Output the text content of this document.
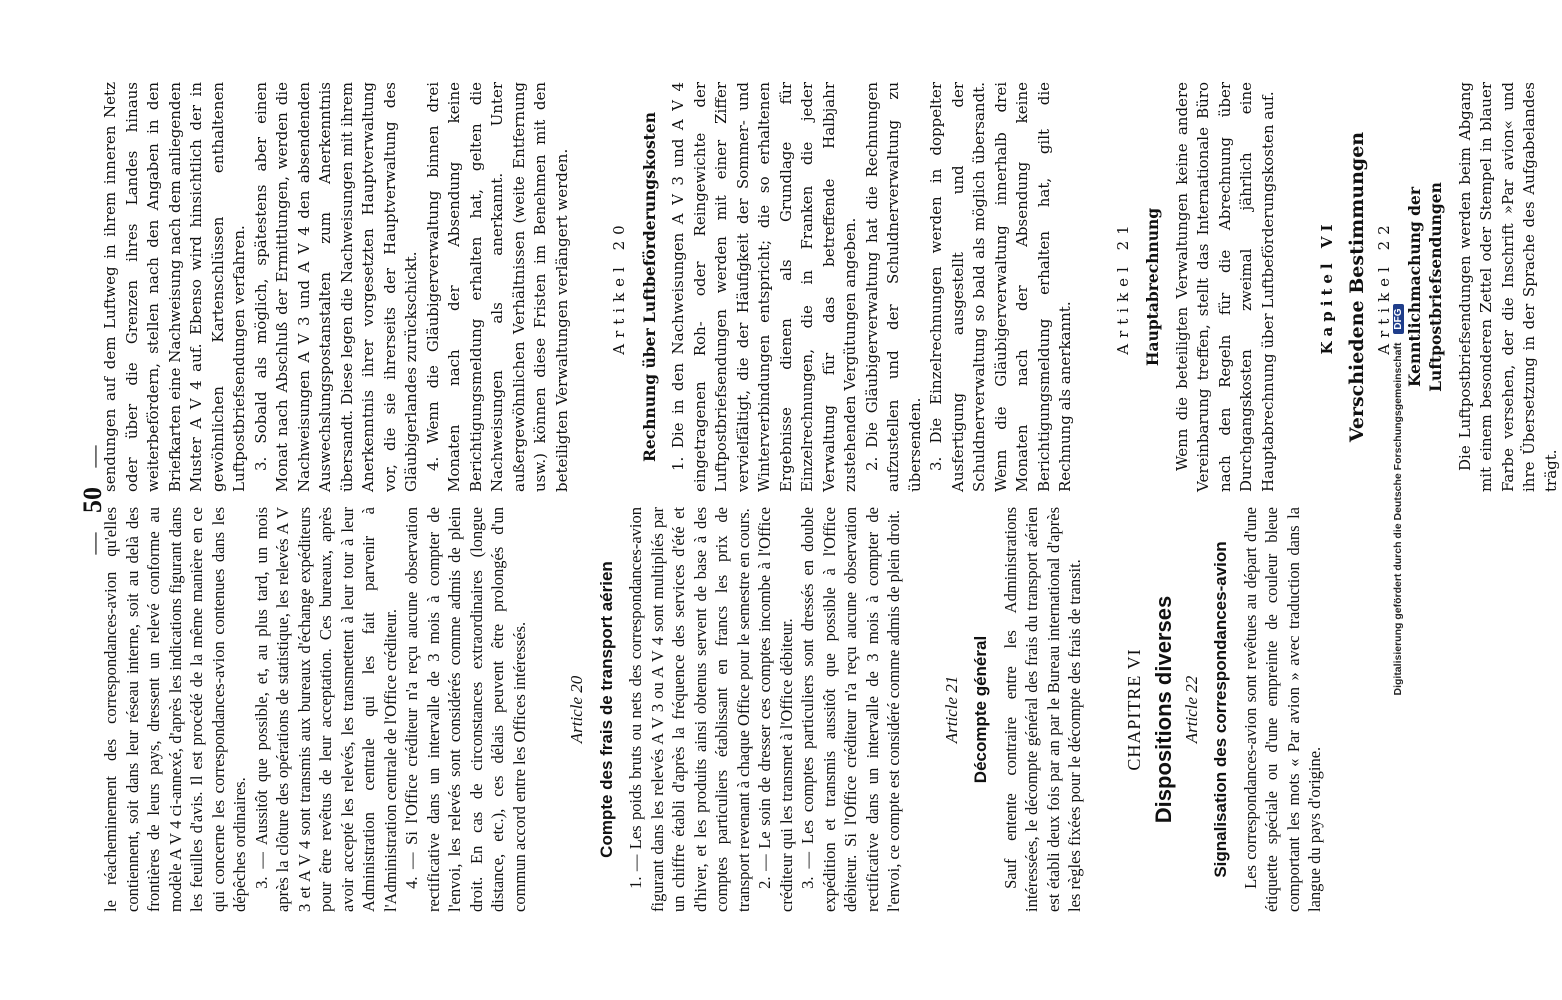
— 50 —

le réacheminement des correspondances-avion qu'elles contiennent, soit dans leur réseau interne, soit au delà des frontières de leurs pays, dressent un relevé conforme au modèle A V 4 ci-annexé, d'après les indications figurant dans les feuilles d'avis. Il est procédé de la même manière en ce qui concerne les correspondances-avion contenues dans les dépêches ordinaires. 3. — Aussitôt que possible, et, au plus tard, un mois après la clôture des opérations de statistique, les relevés A V 3 et A V 4 sont transmis aux bureaux d'échange expéditeurs pour être revêtus de leur acceptation. Ces bureaux, après avoir accepté les relevés, les transmettent à leur tour à leur Administration centrale qui les fait parvenir à l'Administration centrale de l'Office créditeur. 4. — Si l'Office créditeur n'a reçu aucune observation rectificative dans un intervalle de 3 mois à compter de l'envoi, les relevés sont considérés comme admis de plein droit. En cas de circonstances extraordinaires (longue distance, etc.), ces délais peuvent être prolongés d'un commun accord entre les Offices intéressés. Article 20 Compte des frais de transport aérien 1. — Les poids bruts ou nets des correspondances-avion figurant dans les relevés A V 3 ou A V 4 sont multipliés par un chiffre établi d'après la fréquence des services d'été et d'hiver, et les produits ainsi obtenus servent de base à des comptes particuliers établissant en francs les prix de transport revenant à chaque Office pour le semestre en cours. 2. — Le soin de dresser ces comptes incombe à l'Office créditeur qui les transmet à l'Office débiteur. 3. — Les comptes particuliers sont dressés en double expédition et transmis aussitôt que possible à l'Office débiteur. Si l'Office créditeur n'a reçu aucune observation rectificative dans un intervalle de 3 mois à compter de l'envoi, ce compte est considéré comme admis de plein droit. Article 21 Décompte général Sauf entente contraire entre les Administrations intéressées, le décompte général des frais du transport aérien est établi deux fois par an par le Bureau international d'après les règles fixées pour le décompte des frais de transit. CHAPITRE VI Dispositions diverses Article 22 Signalisation des correspondances-avion Les correspondances-avion sont revêtues au départ d'une étiquette spéciale ou d'une empreinte de couleur bleue comportant les mots « Par avion » avec traduction dans la langue du pays d'origine.

sendungen auf dem Luftweg in ihrem inneren Netz oder über die Grenzen ihres Landes hinaus weiterbefördern, stellen nach den Angaben in den Briefkarten eine Nachweisung nach dem anliegenden Muster A V 4 auf. Ebenso wird hinsichtlich der in gewöhnlichen Kartenschlüssen enthaltenen Luftpostbriefsendungen verfahren. 3. Sobald als möglich, spätestens aber einen Monat nach Abschluß der Ermittlungen, werden die Nachweisungen A V 3 und A V 4 den absendenden Auswechslungspostanstalten zum Anerkenntnis übersandt. Diese legen die Nachweisungen mit ihrem Anerkenntnis ihrer vorgesetzten Hauptverwaltung vor, die sie ihrerseits der Hauptverwaltung des Gläubigerlandes zurückschickt. 4. Wenn die Gläubigerverwaltung binnen drei Monaten nach der Absendung keine Berichtigungsmeldung erhalten hat, gelten die Nachweisungen als anerkannt. Unter außergewöhnlichen Verhältnissen (weite Entfernung usw.) können diese Fristen im Benehmen mit den beteiligten Verwaltungen verlängert werden.	Artikel 20 Rechnung über Luftbeförderungskosten 1. Die in den Nachweisungen A V 3 und A V 4 eingetragenen Roh- oder Reingewichte der Luftpostbriefsendungen werden mit einer Ziffer vervielfältigt, die der Häufigkeit der Sommer- und Winterverbindungen entspricht; die so erhaltenen Ergebnisse dienen als Grundlage für Einzelrechnungen, die in Franken die jeder Verwaltung für das betreffende Halbjahr zustehenden Vergütungen angeben. 2. Die Gläubigerverwaltung hat die Rechnungen aufzustellen und der Schuldnerverwaltung zu übersenden. 3. Die Einzelrechnungen werden in doppelter Ausfertigung ausgestellt und der Schuldnerverwaltung so bald als möglich übersandt. Wenn die Gläubigerverwaltung innerhalb drei Monaten nach der Absendung keine Berichtigungsmeldung erhalten hat, gilt die Rechnung als anerkannt.

Artikel 21 Hauptabrechnung Wenn die beteiligten Verwaltungen keine andere Vereinbarung treffen, stellt das Internationale Büro nach den Regeln für die Abrechnung über Durchgangskosten zweimal jährlich eine Hauptabrechnung über Luftbeförderungskosten auf.	Kapitel VI Verschiedene Bestimmungen Artikel 22 Kenntlichmachung der Luftpostbriefsendungen Die Luftpostbriefsendungen werden beim Abgang mit einem besonderen Zettel oder Stempel in blauer Farbe versehen, der die Inschrift »Par avion« und ihre Übersetzung in der Sprache des Aufgabelandes trägt.

Digitalisierung gefördert durch die Deutsche Forschungsgemeinschaft DFG
